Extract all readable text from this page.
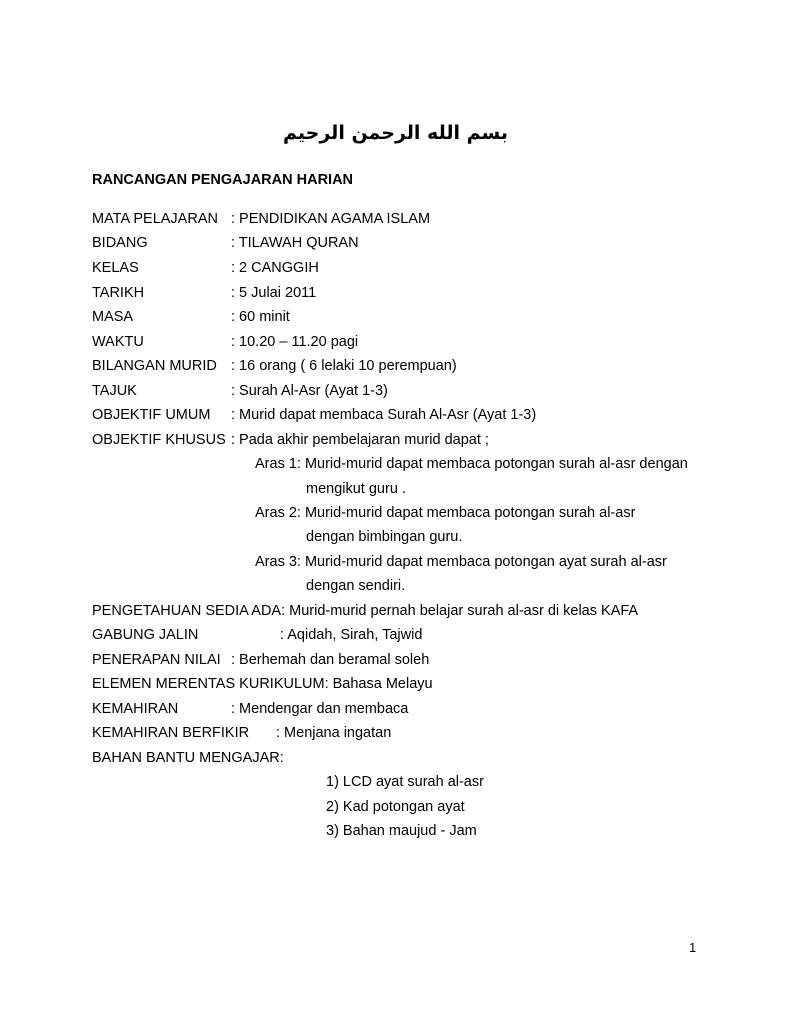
بسم الله الرحمن الرحيم
RANCANGAN PENGAJARAN HARIAN
MATA PELAJARAN : PENDIDIKAN AGAMA ISLAM
BIDANG	: TILAWAH QURAN
KELAS	: 2 CANGGIH
TARIKH	: 5 Julai 2011
MASA	: 60 minit
WAKTU	: 10.20 – 11.20 pagi
BILANGAN MURID : 16 orang ( 6 lelaki 10 perempuan)
TAJUK	: Surah Al-Asr (Ayat 1-3)
OBJEKTIF UMUM : Murid dapat membaca Surah Al-Asr (Ayat 1-3)
OBJEKTIF KHUSUS : Pada akhir pembelajaran murid dapat ;
Aras 1: Murid-murid dapat membaca potongan surah al-asr dengan
mengikut guru .
Aras 2: Murid-murid dapat membaca potongan surah al-asr
dengan bimbingan guru.
Aras 3: Murid-murid dapat membaca potongan ayat surah al-asr
dengan sendiri.
PENGETAHUAN SEDIA ADA: Murid-murid pernah belajar surah al-asr di kelas KAFA
GABUNG JALIN	: Aqidah, Sirah, Tajwid
PENERAPAN NILAI : Berhemah dan beramal soleh
ELEMEN MERENTAS KURIKULUM: Bahasa Melayu
KEMAHIRAN	: Mendengar dan membaca
KEMAHIRAN BERFIKIR : Menjana ingatan
BAHAN BANTU MENGAJAR:
1) LCD ayat surah al-asr
2) Kad potongan ayat
3) Bahan maujud - Jam
1
